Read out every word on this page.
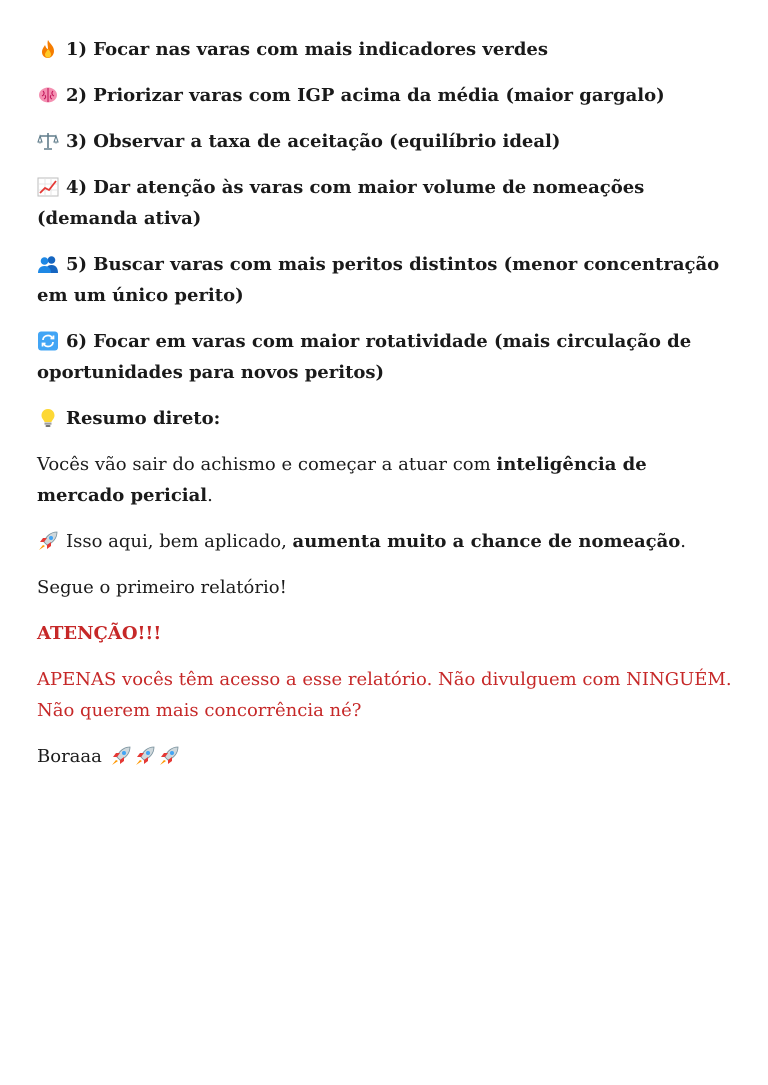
1) Focar nas varas com mais indicadores verdes

2) Priorizar varas com IGP acima da média (maior gargalo)

3) Observar a taxa de aceitação (equilíbrio ideal)

4) Dar atenção às varas com maior volume de nomeações (demanda ativa)

5) Buscar varas com mais peritos distintos (menor concentração em um único perito)

6) Focar em varas com maior rotatividade (mais circulação de oportunidades para novos peritos)

Resumo direto:

Vocês vão sair do achismo e começar a atuar com inteligência de mercado pericial.

Isso aqui, bem aplicado, aumenta muito a chance de nomeação.

Segue o primeiro relatório!

ATENÇÃO!!!

APENAS vocês têm acesso a esse relatório. Não divulguem com NINGUÉM. Não querem mais concorrência né?

Boraaa
